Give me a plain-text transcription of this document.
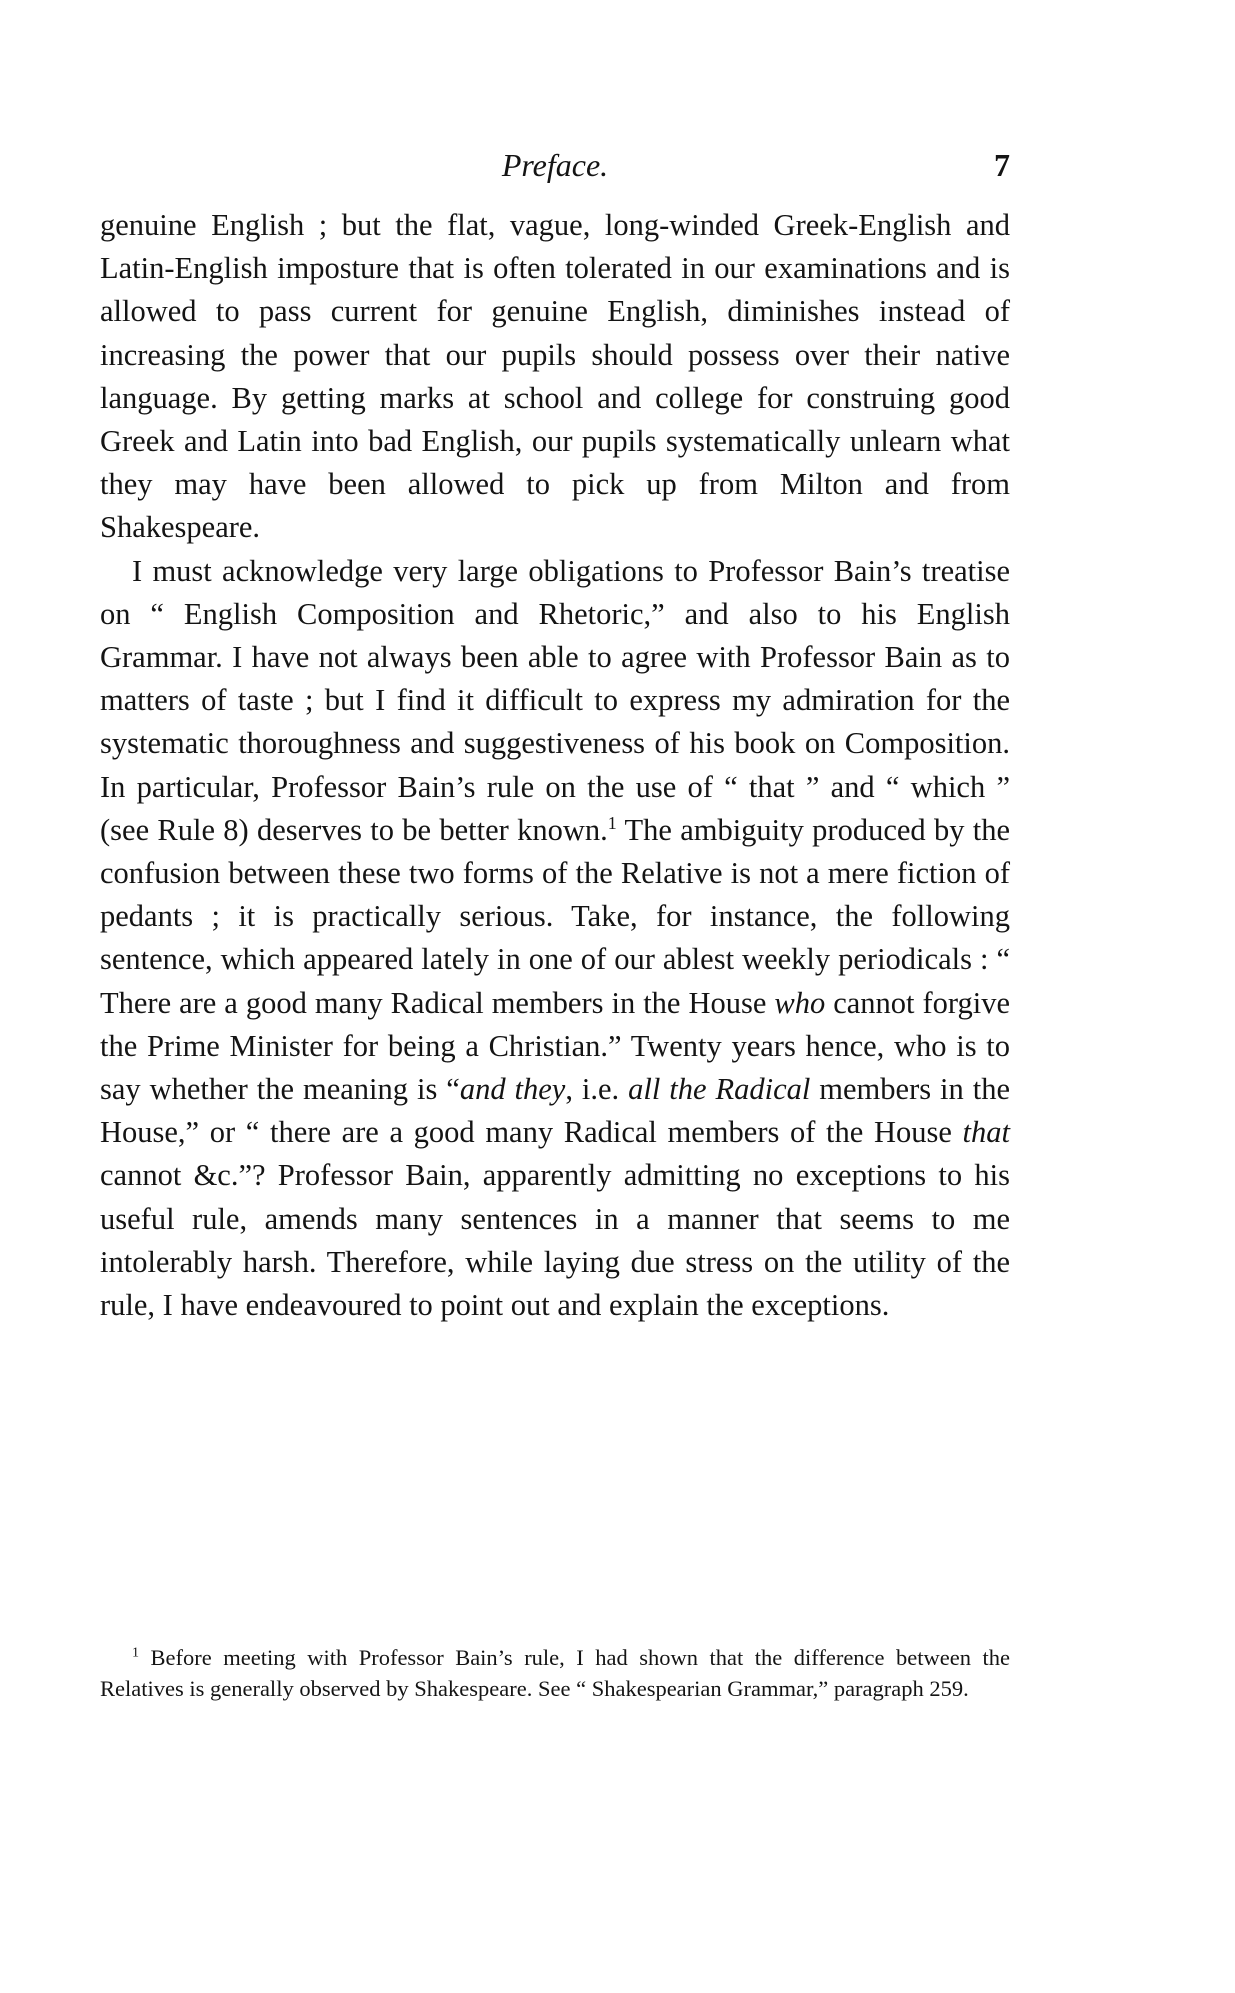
Preface.	7

genuine English ; but the flat, vague, long-winded Greek-English and Latin-English imposture that is often tolerated in our examinations and is allowed to pass current for genuine English, diminishes instead of increasing the power that our pupils should possess over their native language. By getting marks at school and college for construing good Greek and Latin into bad English, our pupils systematically unlearn what they may have been allowed to pick up from Milton and from Shakespeare.

I must acknowledge very large obligations to Professor Bain’s treatise on “ English Composition and Rhetoric,” and also to his English Grammar. I have not always been able to agree with Professor Bain as to matters of taste ; but I find it difficult to express my admiration for the systematic thoroughness and suggestiveness of his book on Composition. In particular, Professor Bain’s rule on the use of “ that ” and “ which ” (see Rule 8) deserves to be better known.$^1$ The ambiguity produced by the confusion between these two forms of the Relative is not a mere fiction of pedants ; it is practically serious. Take, for instance, the following sentence, which appeared lately in one of our ablest weekly periodicals : “ There are a good many Radical members in the House who cannot forgive the Prime Minister for being a Christian.” Twenty years hence, who is to say whether the meaning is “and they, i.e. all the Radical members in the House,” or “ there are a good many Radical members of the House that cannot &c.”? Professor Bain, apparently admitting no exceptions to his useful rule, amends many sentences in a manner that seems to me intolerably harsh. Therefore, while laying due stress on the utility of the rule, I have endeavoured to point out and explain the exceptions.

$^1$ Before meeting with Professor Bain’s rule, I had shown that the difference between the Relatives is generally observed by Shakespeare. See “ Shakespearian Grammar,” paragraph 259.
